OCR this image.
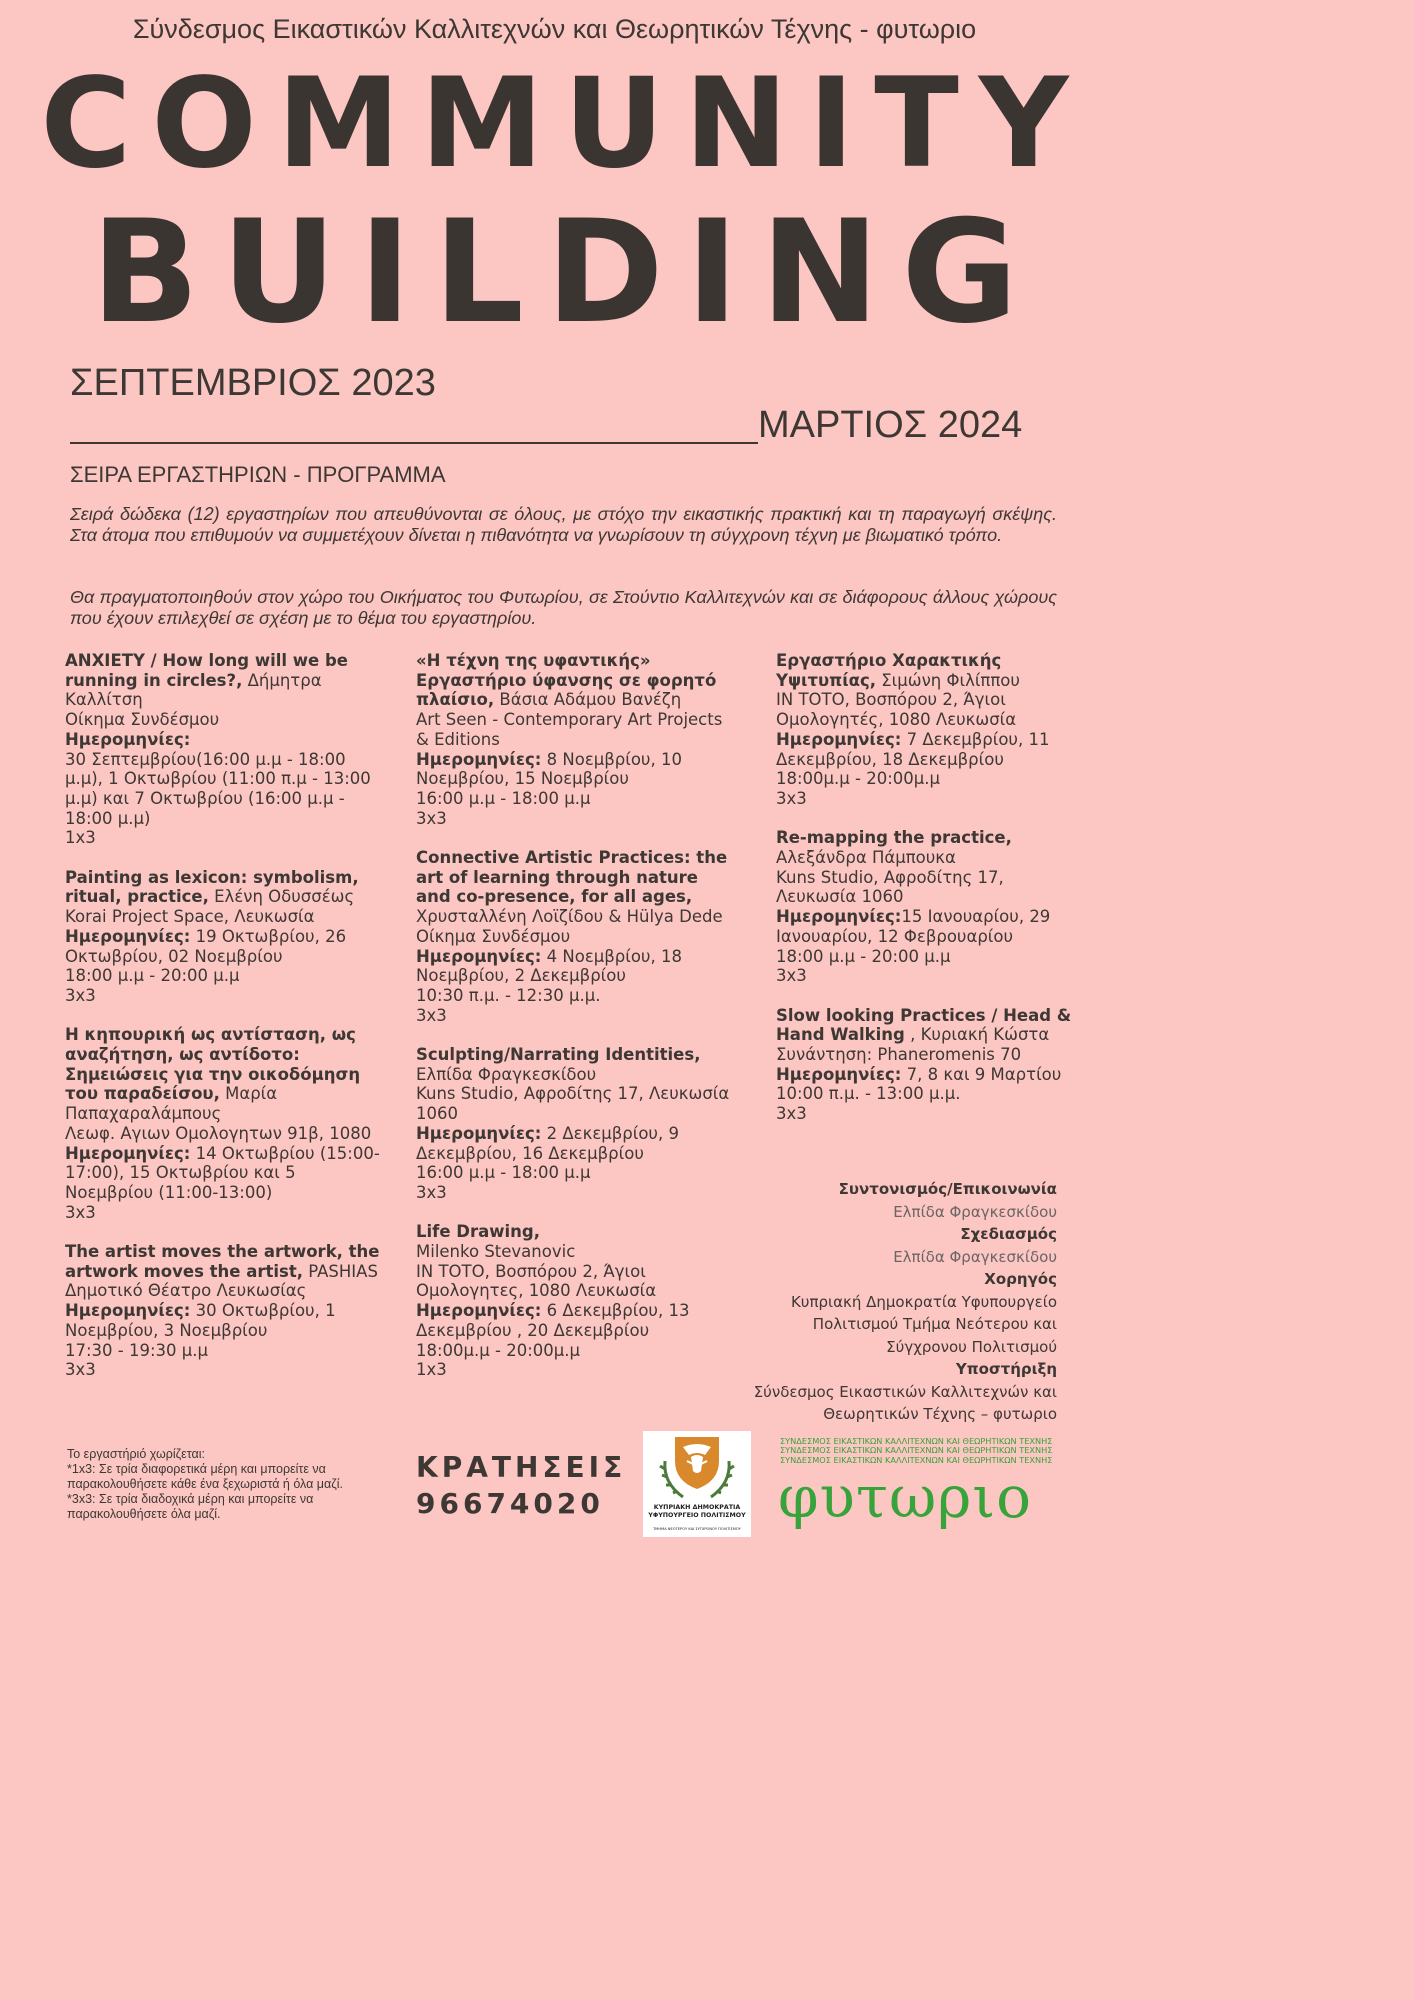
Σύνδεσμος Εικαστικών Καλλιτεχνών και Θεωρητικών Τέχνης - φυτωριο
COMMUNITY
BUILDING
ΣΕΠΤΕΜΒΡΙΟΣ 2023
ΜΑΡΤΙΟΣ 2024
ΣΕΙΡΑ ΕΡΓΑΣΤΗΡΙΩΝ - ΠΡΟΓΡΑΜΜΑ

Σειρά δώδεκα (12) εργαστηρίων που απευθύνονται σε όλους, με στόχο την εικαστικής πρακτική και τη παραγωγή σκέψης. Στα άτομα που επιθυμούν να συμμετέχουν δίνεται η πιθανότητα να γνωρίσουν τη σύγχρονη τέχνη με βιωματικό τρόπο.

Θα πραγματοποιηθούν στον χώρο του Οικήματος του Φυτωρίου, σε Στούντιο Καλλιτεχνών και σε διάφορους άλλους χώρους που έχουν επιλεχθεί σε σχέση με το θέμα του εργαστηρίου.

ANXIETY / How long will we be running in circles?, Δήμητρα Καλλίτση
Οίκημα Συνδέσμου
Ημερομηνίες:
30 Σεπτεμβρίου(16:00 μ.μ - 18:00 μ.μ), 1 Οκτωβρίου (11:00 π.μ - 13:00 μ.μ) και 7 Οκτωβρίου (16:00 μ.μ - 18:00 μ.μ)
1x3
Painting as lexicon: symbolism, ritual, practice, Ελένη Οδυσσέως
Korai Project Space, Λευκωσία
Ημερομηνίες: 19 Οκτωβρίου, 26 Οκτωβρίου, 02 Νοεμβρίου
18:00 μ.μ - 20:00 μ.μ
3x3
Η κηπουρική ως αντίσταση, ως αναζήτηση, ως αντίδοτο: Σημειώσεις για την οικοδόμηση του παραδείσου, Μαρία Παπαχαραλάμπους
Λεωφ. Αγιων Ομολογητων 91β, 1080
Ημερομηνίες: 14 Οκτωβρίου (15:00-17:00), 15 Οκτωβρίου και 5 Νοεμβρίου (11:00-13:00)
3x3
The artist moves the artwork, the artwork moves the artist, PASHIAS
Δημοτικό Θέατρο Λευκωσίας
Ημερομηνίες: 30 Οκτωβρίου, 1 Νοεμβρίου, 3 Νοεμβρίου
17:30 - 19:30 μ.μ
3x3
«Η τέχνη της υφαντικής» Εργαστήριο ύφανσης σε φορητό πλαίσιο, Βάσια Αδάμου Βανέζη
Art Seen - Contemporary Art Projects & Editions
Ημερομηνίες: 8 Νοεμβρίου, 10 Νοεμβρίου, 15 Νοεμβρίου
16:00 μ.μ - 18:00 μ.μ
3x3
Connective Artistic Practices: the art of learning through nature and co-presence, for all ages, Χρυσταλλένη Λοϊζίδου & Hülya Dede
Οίκημα Συνδέσμου
Ημερομηνίες: 4 Νοεμβρίου, 18 Νοεμβρίου, 2 Δεκεμβρίου
10:30 π.μ. - 12:30 μ.μ.
3x3
Sculpting/Narrating Identities,
Ελπίδα Φραγκεσκίδου
Kuns Studio, Αφροδίτης 17, Λευκωσία 1060
Ημερομηνίες: 2 Δεκεμβρίου, 9 Δεκεμβρίου, 16 Δεκεμβρίου
16:00 μ.μ - 18:00 μ.μ
3x3
Life Drawing,
Milenko Stevanovic
IN TOTO, Βοσπόρου 2, Άγιοι Ομολογητες, 1080 Λευκωσία
Ημερομηνίες: 6 Δεκεμβρίου, 13 Δεκεμβρίου , 20 Δεκεμβρίου
18:00μ.μ - 20:00μ.μ
1x3
Εργαστήριο Χαρακτικής Υψιτυπίας, Σιμώνη Φιλίππου
IN TOTO, Βοσπόρου 2, Άγιοι Ομολογητές, 1080 Λευκωσία
Ημερομηνίες: 7 Δεκεμβρίου, 11 Δεκεμβρίου, 18 Δεκεμβρίου
18:00μ.μ - 20:00μ.μ
3x3
Re-mapping the practice,
Αλεξάνδρα Πάμπουκα
Kuns Studio, Αφροδίτης 17, Λευκωσία 1060
Ημερομηνίες:15 Ιανουαρίου, 29 Ιανουαρίου, 12 Φεβρουαρίου
18:00 μ.μ - 20:00 μ.μ
3x3
Slow looking Practices / Head & Hand Walking , Κυριακή Κώστα
Συνάντηση: Phaneromenis 70
Ημερομηνίες: 7, 8 και 9 Μαρτίου
10:00 π.μ. - 13:00 μ.μ.
3x3
Συντονισμός/Επικοινωνία
Ελπίδα Φραγκεσκίδου
Σχεδιασμός
Ελπίδα Φραγκεσκίδου
Χορηγός
Κυπριακή Δημοκρατία Υφυπουργείο Πολιτισμού Τμήμα Νεότερου και Σύγχρονου Πολιτισμού
Υποστήριξη
Σύνδεσμος Εικαστικών Καλλιτεχνών και Θεωρητικών Τέχνης – φυτωριο
Το εργαστήριό χωρίζεται:
*1x3: Σε τρία διαφορετικά μέρη και μπορείτε να παρακολουθήσετε κάθε ένα ξεχωριστά ή όλα μαζί.
*3x3: Σε τρία διαδοχικά μέρη και μπορείτε να παρακολουθήσετε όλα μαζί.
ΚΡΑΤΗΣΕΙΣ
96674020	ΚΥΠΡΙΑΚΗ ΔΗΜΟΚΡΑΤΙΑ
ΥΦΥΠΟΥΡΓΕΙΟ ΠΟΛΙΤΙΣΜΟΥ
ΤΜΗΜΑ ΝΕΟΤΕΡΟΥ ΚΑΙ ΣΥΓΧΡΟΝΟΥ ΠΟΛΙΤΙΣΜΟΥ
ΣΥΝΔΕΣΜΟΣ ΕΙΚΑΣΤΙΚΩΝ ΚΑΛΛΙΤΕΧΝΩΝ ΚΑΙ ΘΕΩΡΗΤΙΚΩΝ ΤΕΧΝΗΣ
ΣΥΝΔΕΣΜΟΣ ΕΙΚΑΣΤΙΚΩΝ ΚΑΛΛΙΤΕΧΝΩΝ ΚΑΙ ΘΕΩΡΗΤΙΚΩΝ ΤΕΧΝΗΣ
ΣΥΝΔΕΣΜΟΣ ΕΙΚΑΣΤΙΚΩΝ ΚΑΛΛΙΤΕΧΝΩΝ ΚΑΙ ΘΕΩΡΗΤΙΚΩΝ ΤΕΧΝΗΣ
φυτωριο
